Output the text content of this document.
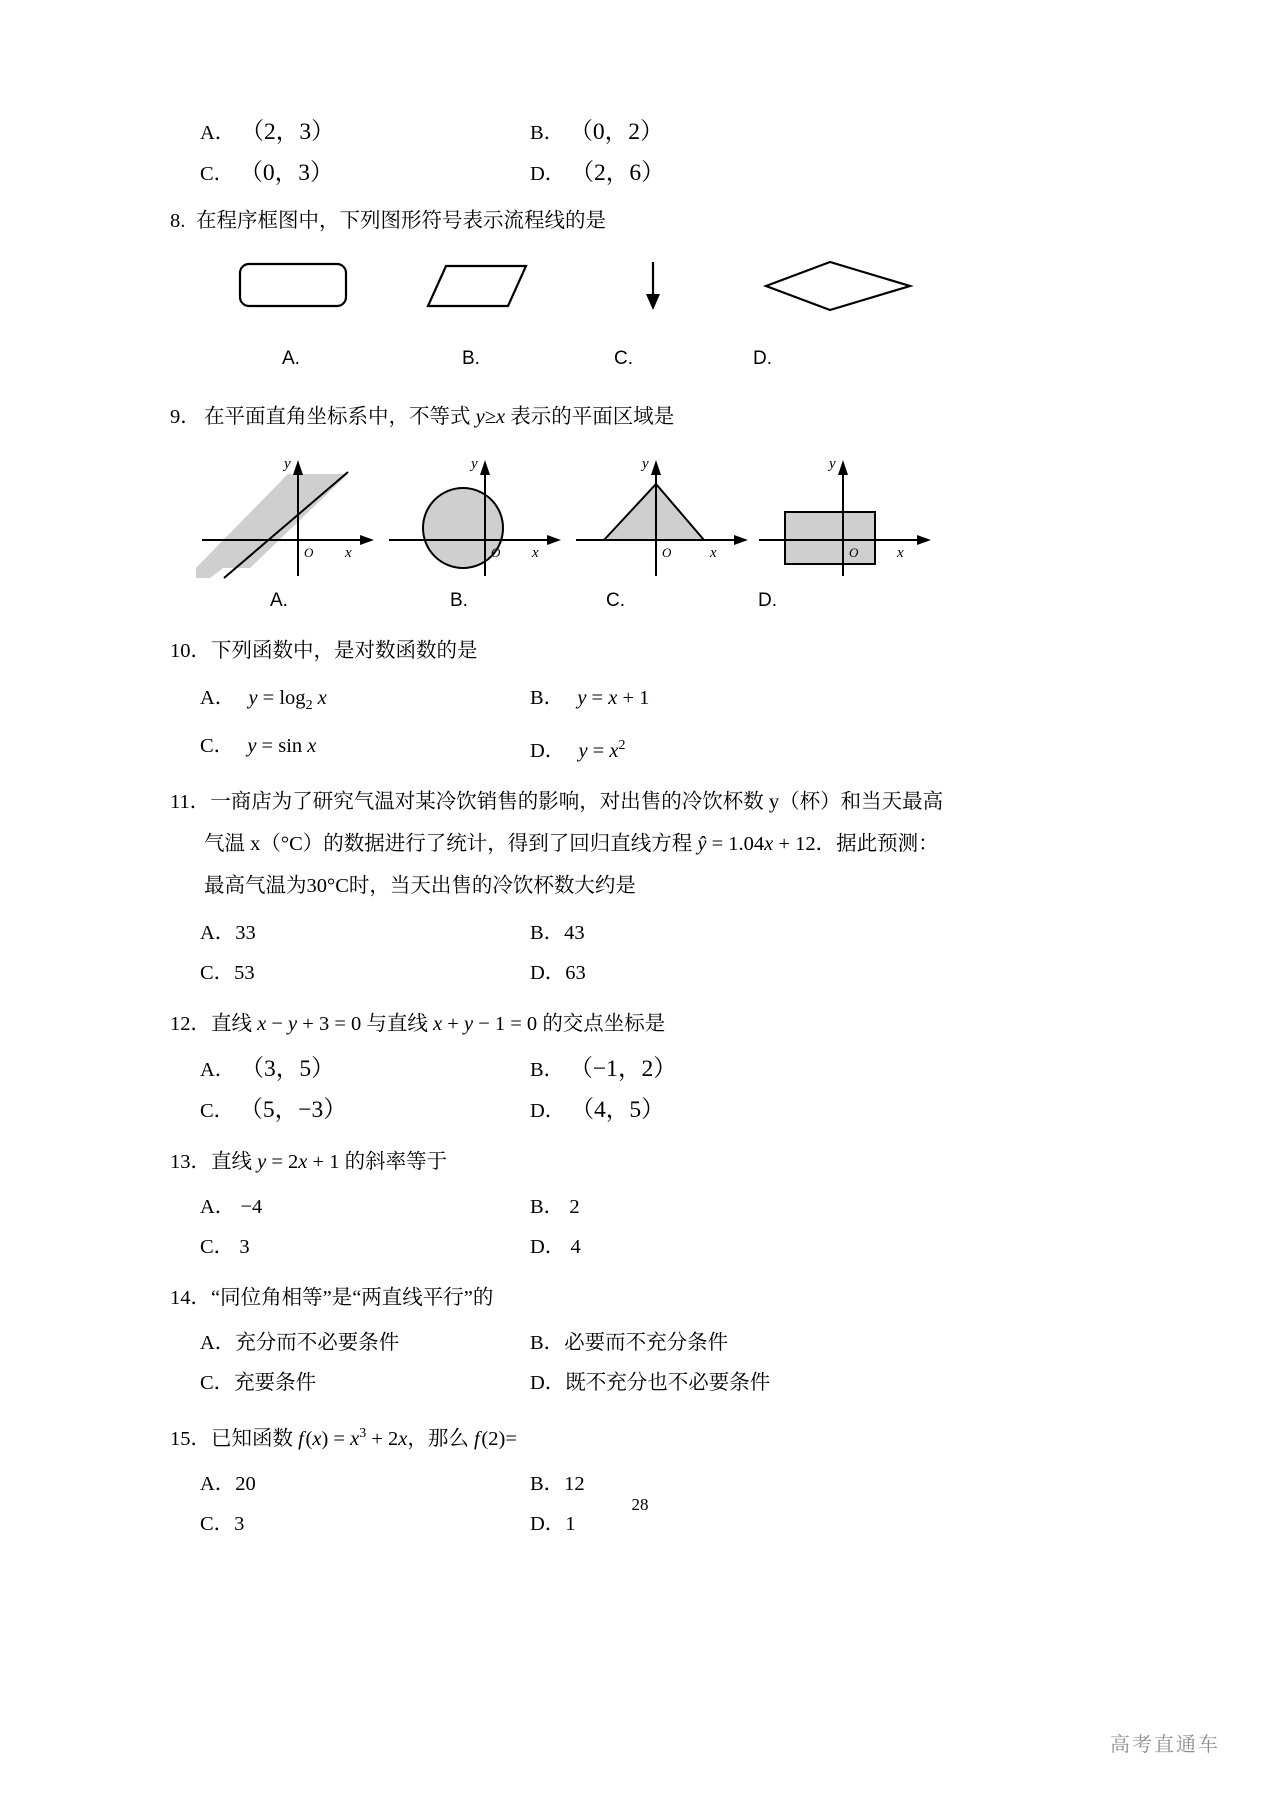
A． （2，3）	B． （0，2）
C． （0，3）	D． （2，6）
8. 在程序框图中，下列图形符号表示流程线的是
A.	B.	C.	D.
9． 在平面直角坐标系中，不等式 y≥x 表示的平面区域是
y
x
O
y
x
O
y
x
O
y
x
O
A.	B.	C.	D.
10．下列函数中，是对数函数的是
A． $y = \log_2 x$	B． y = x + 1
C． y = sin x	D． $y = x^2$
11．一商店为了研究气温对某冷饮销售的影响，对出售的冷饮杯数 y（杯）和当天最高
气温 x（°C）的数据进行了统计，得到了回归直线方程 ŷ = 1.04x + 12．据此预测：
最高气温为30°C时，当天出售的冷饮杯数大约是
A．33	B．43
C．53	D．63
12．直线 x − y + 3 = 0 与直线 x + y − 1 = 0 的交点坐标是
A． （3，5）	B． （−1，2）
C． （5，−3）	D． （4，5）
13．直线 y = 2x + 1 的斜率等于
A． −4	B． 2
C． 3	D． 4
14．“同位角相等”是“两直线平行”的
A．充分而不必要条件	B．必要而不充分条件
C．充要条件	D．既不充分也不必要条件
15．已知函数 f $(x) = x^3 + 2x$，那么 f (2)=
A．20	B．12
C．3	D．1
28
高考直通车
